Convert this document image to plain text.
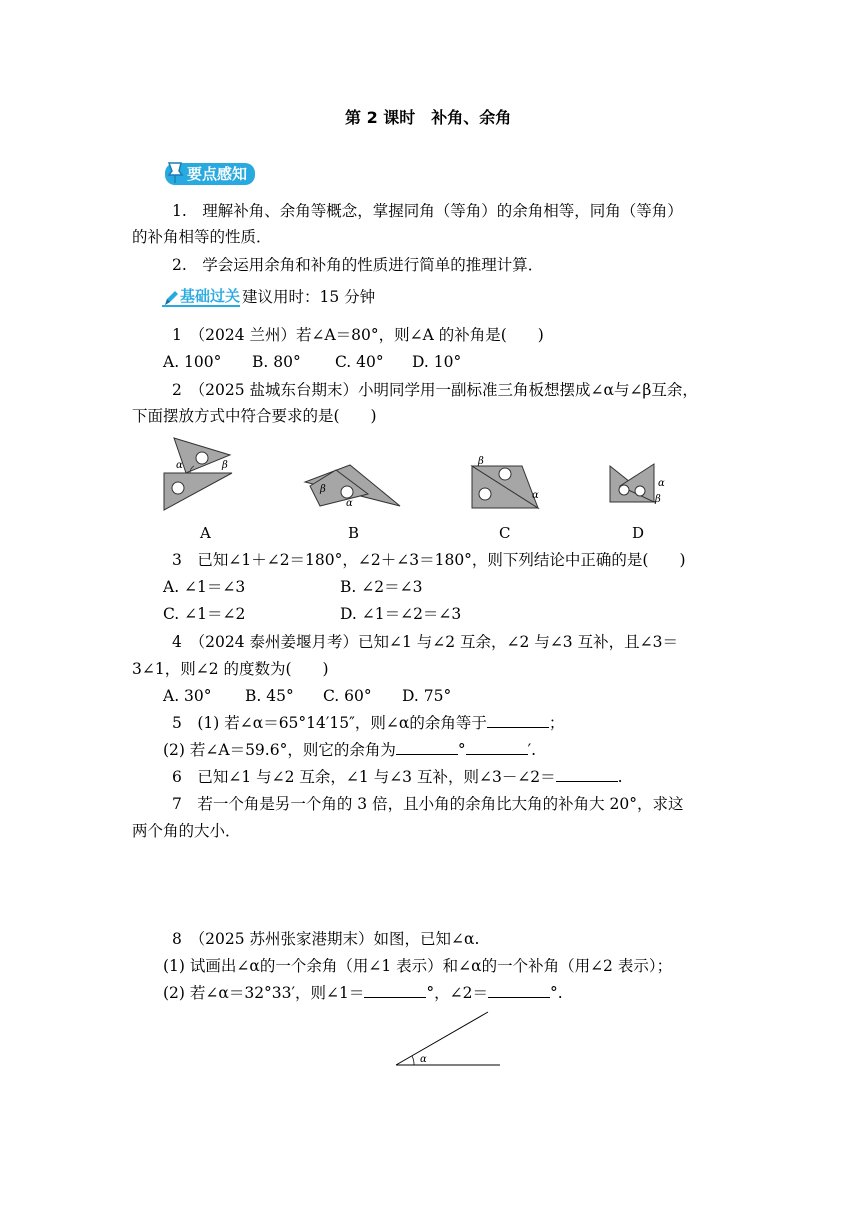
第 2 课时　补角、余角
要点感知
1.　理解补角、余角等概念，掌握同角（等角）的余角相等，同角（等角）
的补角相等的性质．
2.　学会运用余角和补角的性质进行简单的推理计算．
基础过关 建议用时：15 分钟
1　（2024 兰州）若∠A＝80°，则∠A 的补角是(　　)
A. 100° B. 80° C. 40° D. 10°
2　（2025 盐城东台期末）小明同学用一副标准三角板想摆成∠α与∠β互余，
下面摆放方式中符合要求的是(　　)
α	β
β
α
β
α
α
β
A	B	C	D
3　已知∠1＋∠2＝180°，∠2＋∠3＝180°，则下列结论中正确的是(　　)
A. ∠1＝∠3	B. ∠2＝∠3
C. ∠1＝∠2	D. ∠1＝∠2＝∠3
4　（2024 泰州姜堰月考）已知∠1 与∠2 互余，∠2 与∠3 互补，且∠3＝
3∠1，则∠2 的度数为(　　)
A. 30° B. 45° C. 60° D. 75°
5　(1) 若∠α＝65°14′15″，则∠α的余角等于	；
(2) 若∠A＝59.6°，则它的余角为	°	′.
6　已知∠1 与∠2 互余，∠1 与∠3 互补，则∠3－∠2＝	.
7　若一个角是另一个角的 3 倍，且小角的余角比大角的补角大 20°，求这
两个角的大小．
8　（2025 苏州张家港期末）如图，已知∠α.
(1) 试画出∠α的一个余角（用∠1 表示）和∠α的一个补角（用∠2 表示）；
(2) 若∠α＝32°33′，则∠1＝	°，∠2＝	°.
α
